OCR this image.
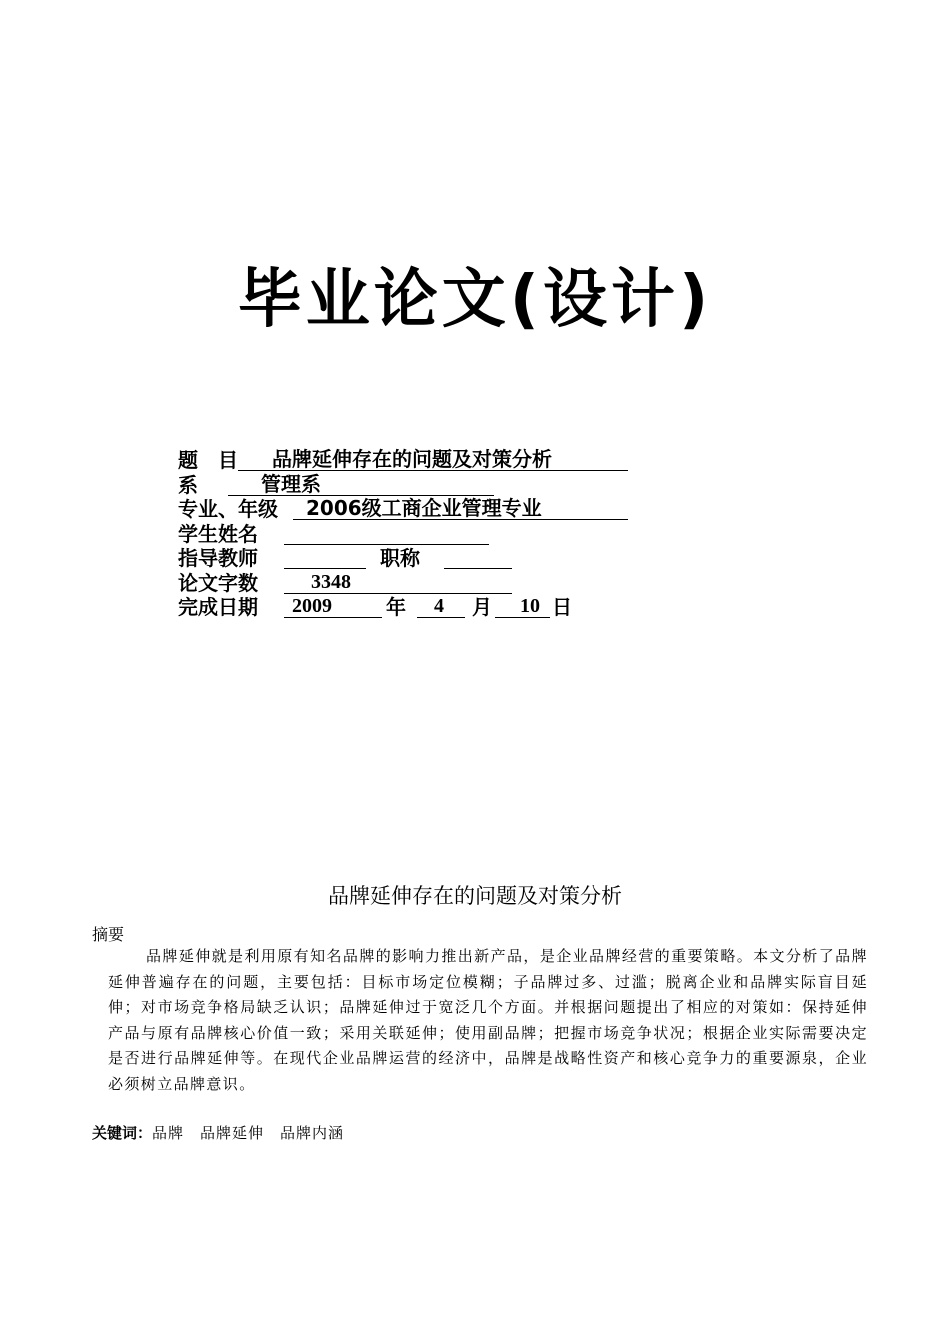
毕业论文(设计)
题　目	品牌延伸存在的问题及对策分析
系	管理系
专业、年级	2006级工商企业管理专业
学生姓名
指导教师	职称
论文字数	3348
完成日期	2009	年	4	月	10 日
品牌延伸存在的问题及对策分析
摘要
品牌延伸就是利用原有知名品牌的影响力推出新产品，是企业品牌经营的重要策略。本文分析了品牌延伸普遍存在的问题，主要包括：目标市场定位模糊；子品牌过多、过滥；脱离企业和品牌实际盲目延伸；对市场竞争格局缺乏认识；品牌延伸过于宽泛几个方面。并根据问题提出了相应的对策如：保持延伸产品与原有品牌核心价值一致；采用关联延伸；使用副品牌；把握市场竞争状况；根据企业实际需要决定是否进行品牌延伸等。在现代企业品牌运营的经济中，品牌是战略性资产和核心竞争力的重要源泉，企业必须树立品牌意识。
关键词：品牌　品牌延伸　品牌内涵
